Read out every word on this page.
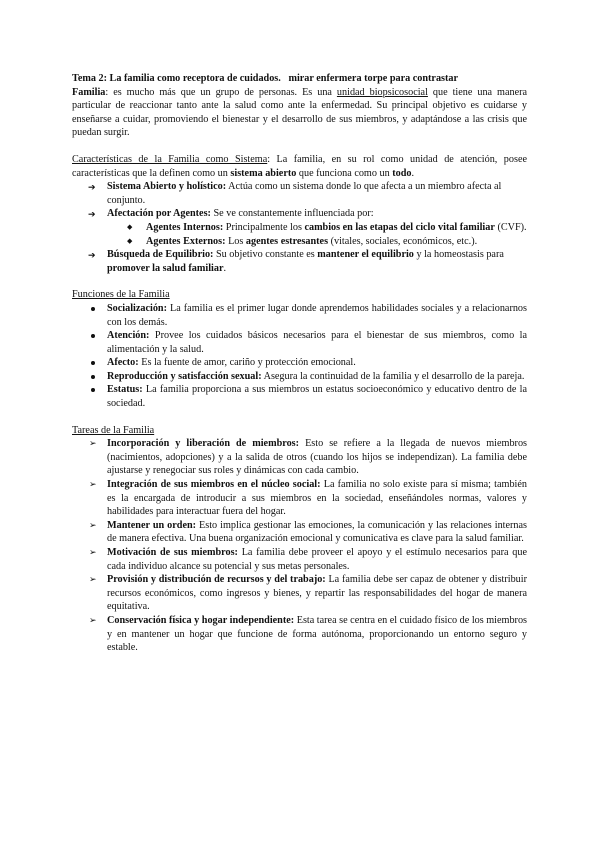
Tema 2: La familia como receptora de cuidados. mirar enfermera torpe para contrastar

Familia: es mucho más que un grupo de personas. Es una unidad biopsicosocial que tiene una manera particular de reaccionar tanto ante la salud como ante la enfermedad. Su principal objetivo es cuidarse y enseñarse a cuidar, promoviendo el bienestar y el desarrollo de sus miembros, y adaptándose a las crisis que puedan surgir.

Características de la Familia como Sistema: La familia, en su rol como unidad de atención, posee características que la definen como un sistema abierto que funciona como un todo.

➔ Sistema Abierto y holístico: Actúa como un sistema donde lo que afecta a un miembro afecta al conjunto.
➔ Afectación por Agentes: Se ve constantemente influenciada por:
◆ Agentes Internos: Principalmente los cambios en las etapas del ciclo vital familiar (CVF).
◆ Agentes Externos: Los agentes estresantes (vitales, sociales, económicos, etc.).
➔ Búsqueda de Equilibrio: Su objetivo constante es mantener el equilibrio y la homeostasis para promover la salud familiar.

Funciones de la Familia

Socialización: La familia es el primer lugar donde aprendemos habilidades sociales y a relacionarnos con los demás.
Atención: Provee los cuidados básicos necesarios para el bienestar de sus miembros, como la alimentación y la salud.
Afecto: Es la fuente de amor, cariño y protección emocional.
Reproducción y satisfacción sexual: Asegura la continuidad de la familia y el desarrollo de la pareja.
Estatus: La familia proporciona a sus miembros un estatus socioeconómico y educativo dentro de la sociedad.

Tareas de la Familia

➢ Incorporación y liberación de miembros: Esto se refiere a la llegada de nuevos miembros (nacimientos, adopciones) y a la salida de otros (cuando los hijos se independizan). La familia debe ajustarse y renegociar sus roles y dinámicas con cada cambio.
➢ Integración de sus miembros en el núcleo social: La familia no solo existe para sí misma; también es la encargada de introducir a sus miembros en la sociedad, enseñándoles normas, valores y habilidades para interactuar fuera del hogar.
➢ Mantener un orden: Esto implica gestionar las emociones, la comunicación y las relaciones internas de manera efectiva. Una buena organización emocional y comunicativa es clave para la salud familiar.
➢ Motivación de sus miembros: La familia debe proveer el apoyo y el estímulo necesarios para que cada individuo alcance su potencial y sus metas personales.
➢ Provisión y distribución de recursos y del trabajo: La familia debe ser capaz de obtener y distribuir recursos económicos, como ingresos y bienes, y repartir las responsabilidades del hogar de manera equitativa.
➢ Conservación física y hogar independiente: Esta tarea se centra en el cuidado físico de los miembros y en mantener un hogar que funcione de forma autónoma, proporcionando un entorno seguro y estable.
